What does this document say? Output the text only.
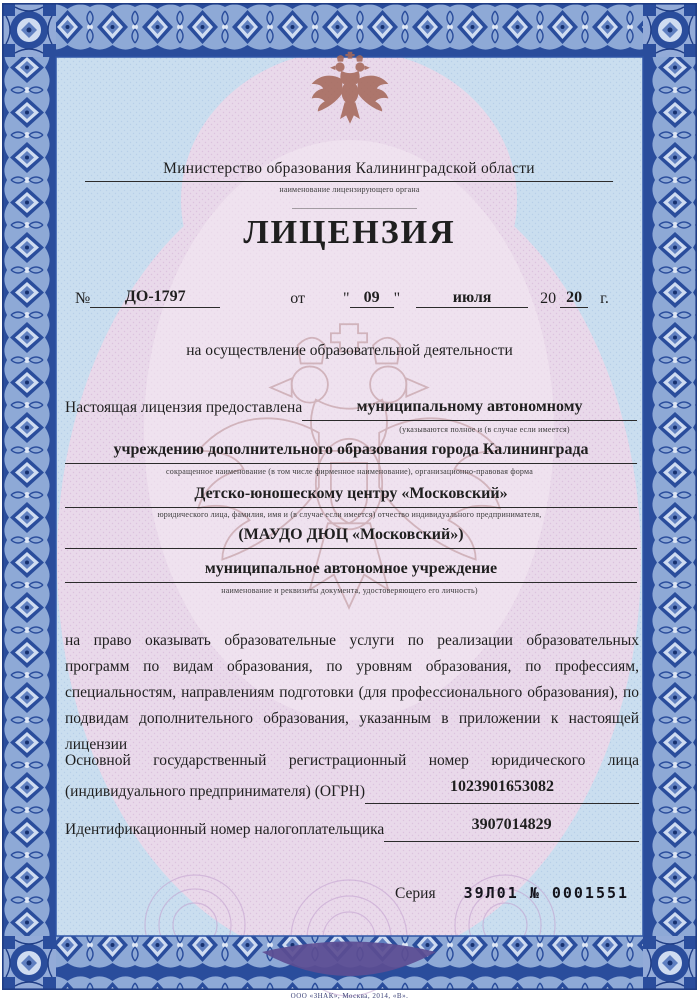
Министерство образования Калининградской области
наименование лицензирующего органа
ЛИЦЕНЗИЯ
№	ДО-1797	от " 09 "	июля	20 20	г.
на осуществление образовательной деятельности
Настоящая лицензия предоставлена	муниципальному автономному
(указываются полное и (в случае если имеется)
учреждению дополнительного образования города Калининграда
сокращенное наименование (в том числе фирменное наименование), организационно-правовая форма
Детско-юношескому центру «Московский»
юридического лица, фамилия, имя и (в случае если имеется) отчество индивидуального предпринимателя,
(МАУДО ДЮЦ «Московский»)
муниципальное автономное учреждение
наименование и реквизиты документа, удостоверяющего его личность)
на право оказывать образовательные услуги по реализации образовательных программ по видам образования, по уровням образования, по профессиям, специальностям, направлениям подготовки (для профессионального образования), по подвидам дополнительного образования, указанным в приложении к настоящей лицензии
Основной государственный регистрационный номер юридического лица
(индивидуального предпринимателя) (ОГРН)	1023901653082
Идентификационный номер налогоплательщика	3907014829
Серия 39Л01 № 0001551
ООО «ЗНАК», Москва, 2014, «В».
